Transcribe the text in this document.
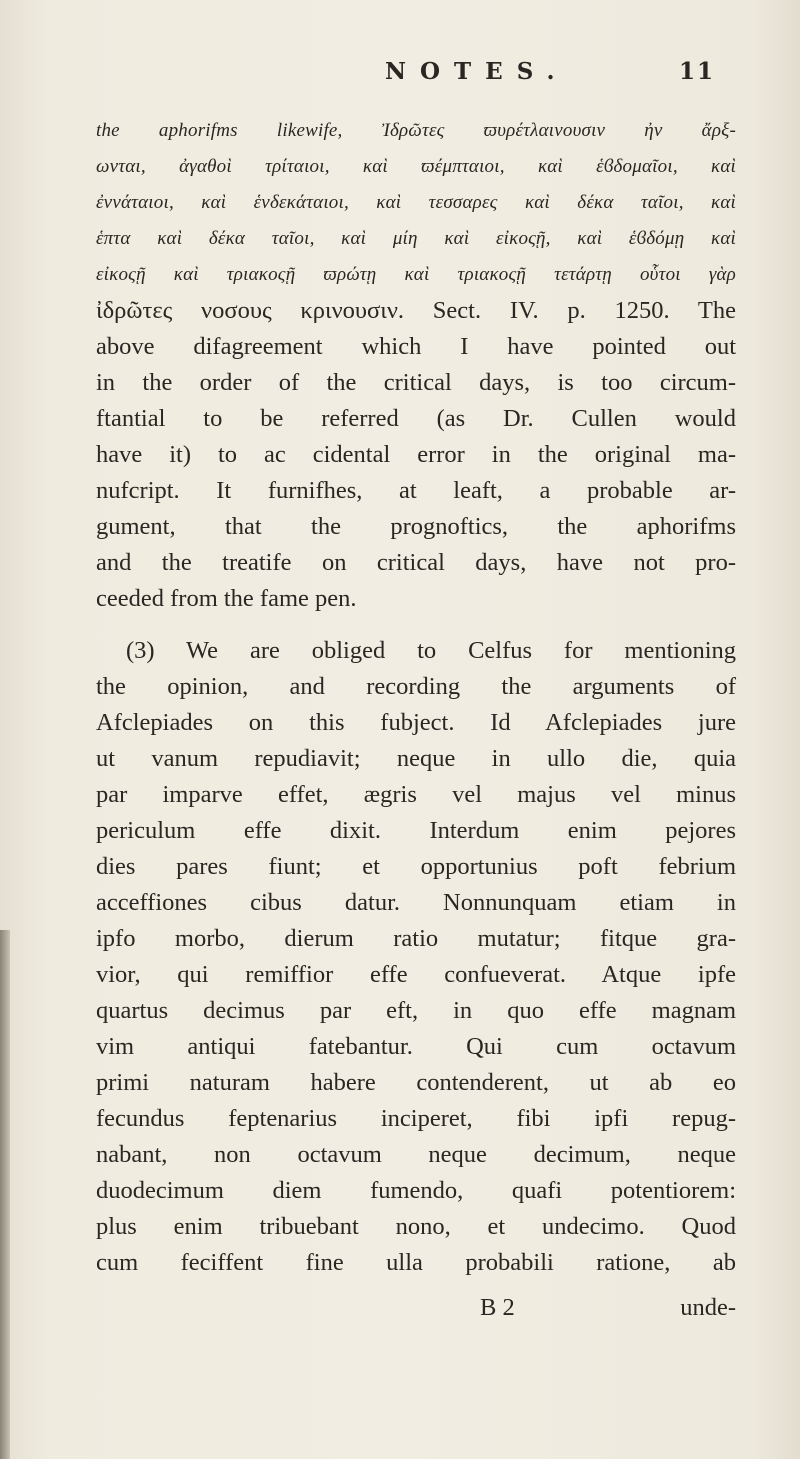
NOTES.	11
the aphorifms likewife, Ἰδρῶτες ϖυρέτλαινουσιν ἠν ἄρξ-
ωνται, ἀγαθοὶ τρίταιοι, καὶ ϖέμπταιοι, καὶ ἑϐδομαῖοι, καὶ
ἐννάταιοι, καὶ ἑνδεκάταιοι, καὶ τεσσαρες καὶ δέκα ταῖοι, καὶ
ἑπτα καὶ δέκα ταῖοι, καὶ μίη καὶ εἰκοςῇ, καὶ ἑϐδόμῃ καὶ
εἰκοςῇ καὶ τριακοςῇ ϖρώτῃ καὶ τριακοςῇ τετάρτῃ οὗτοι γὰρ
ἰδρῶτες νοσους κρινουσιν. Sect. IV. p. 1250. The
above difagreement which I have pointed out
in the order of the critical days, is too circum-
ftantial to be referred (as Dr. Cullen would
have it) to ac cidental error in the original ma-
nufcript. It furnifhes, at leaft, a probable ar-
gument, that the prognoftics, the aphorifms
and the treatife on critical days, have not pro-
ceeded from the fame pen.
(3) We are obliged to Celfus for mentioning
the opinion, and recording the arguments of
Afclepiades on this fubject. Id Afclepiades jure
ut vanum repudiavit; neque in ullo die, quia
par imparve effet, ægris vel majus vel minus
periculum effe dixit. Interdum enim pejores
dies pares fiunt; et opportunius poft febrium
acceffiones cibus datur. Nonnunquam etiam in
ipfo morbo, dierum ratio mutatur; fitque gra-
vior, qui remiffior effe confueverat. Atque ipfe
quartus decimus par eft, in quo effe magnam
vim antiqui fatebantur. Qui cum octavum
primi naturam habere contenderent, ut ab eo
fecundus feptenarius inciperet, fibi ipfi repug-
nabant, non octavum neque decimum, neque
duodecimum diem fumendo, quafi potentiorem:
plus enim tribuebant nono, et undecimo. Quod
cum feciffent fine ulla probabili ratione, ab
B 2	unde-
